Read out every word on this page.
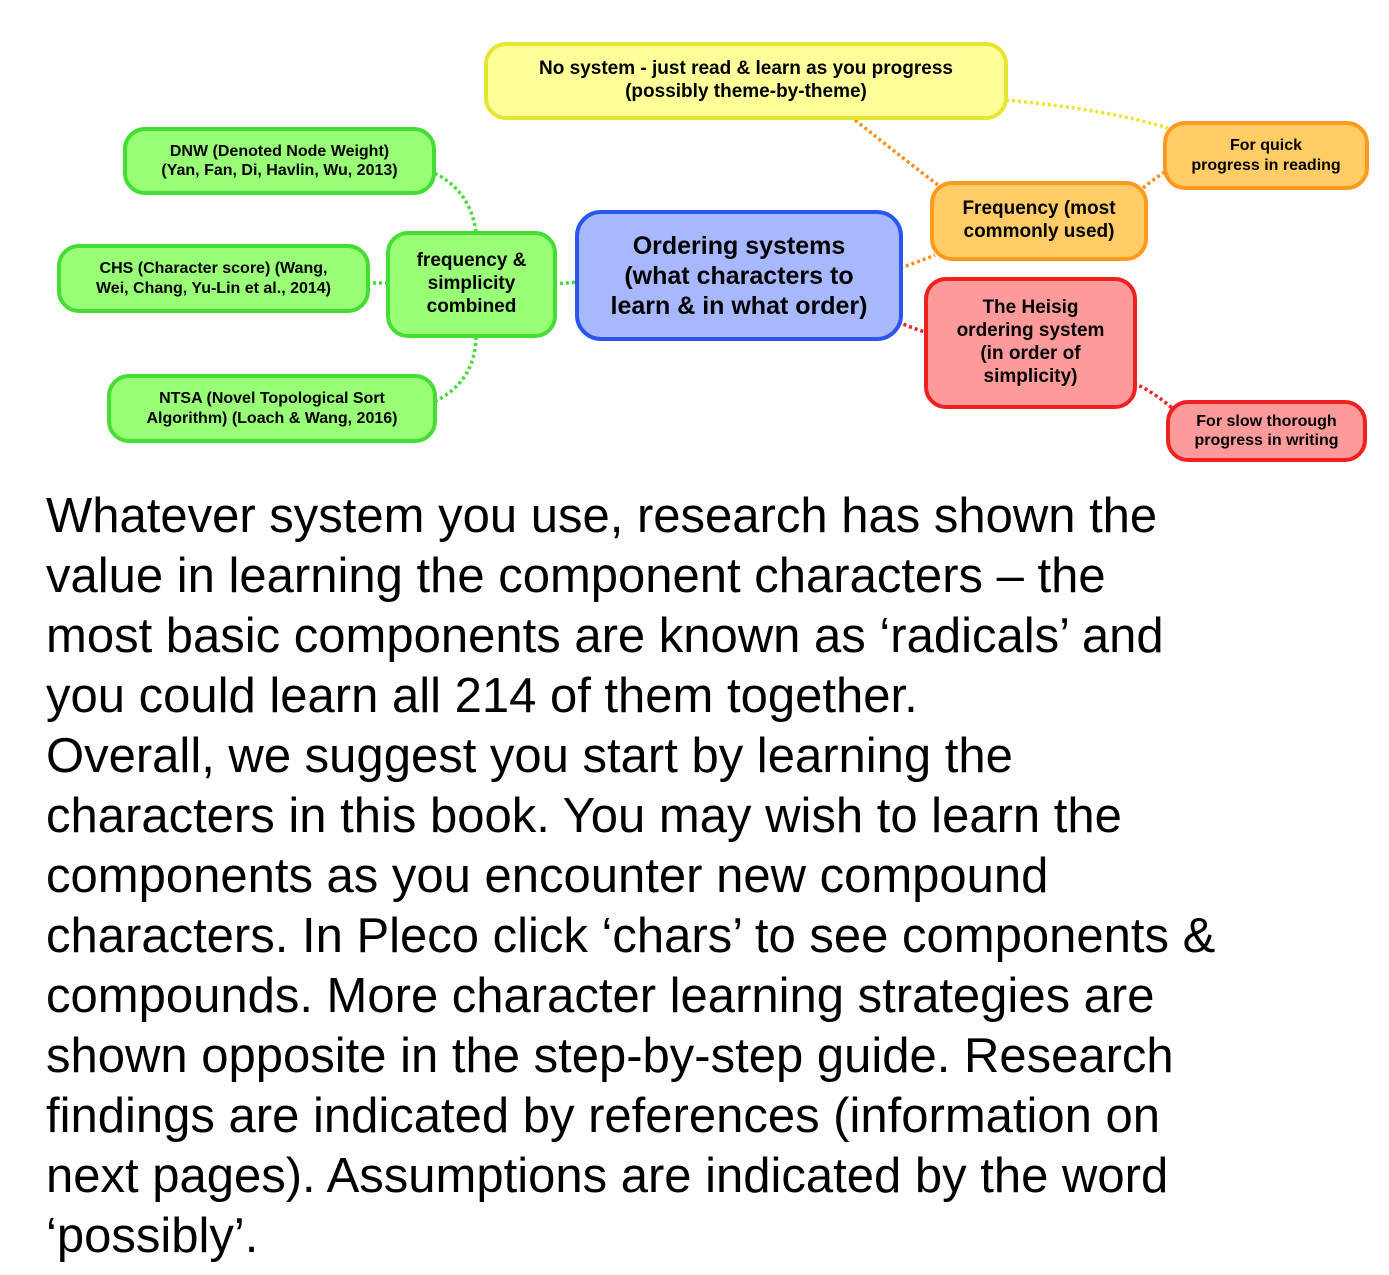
No system - just read & learn as you progress
(possibly theme-by-theme)
DNW (Denoted Node Weight)
(Yan, Fan, Di, Havlin, Wu, 2013)
For quick
progress in reading
Frequency (most
commonly used)
Ordering systems
(what characters to
learn & in what order)
frequency &
simplicity
combined
CHS (Character score) (Wang,
Wei, Chang, Yu-Lin et al., 2014)
The Heisig
ordering system
(in order of
simplicity)
NTSA (Novel Topological Sort
Algorithm) (Loach & Wang, 2016)	For slow thorough
progress in writing

Whatever system you use, research has shown the
value in learning the component characters – the
most basic components are known as ‘radicals’ and
you could learn all 214 of them together.
Overall, we suggest you start by learning the
characters in this book. You may wish to learn the
components as you encounter new compound
characters. In Pleco click ‘chars’ to see components &
compounds. More character learning strategies are
shown opposite in the step-by-step guide. Research
findings are indicated by references (information on
next pages). Assumptions are indicated by the word
‘possibly’.
